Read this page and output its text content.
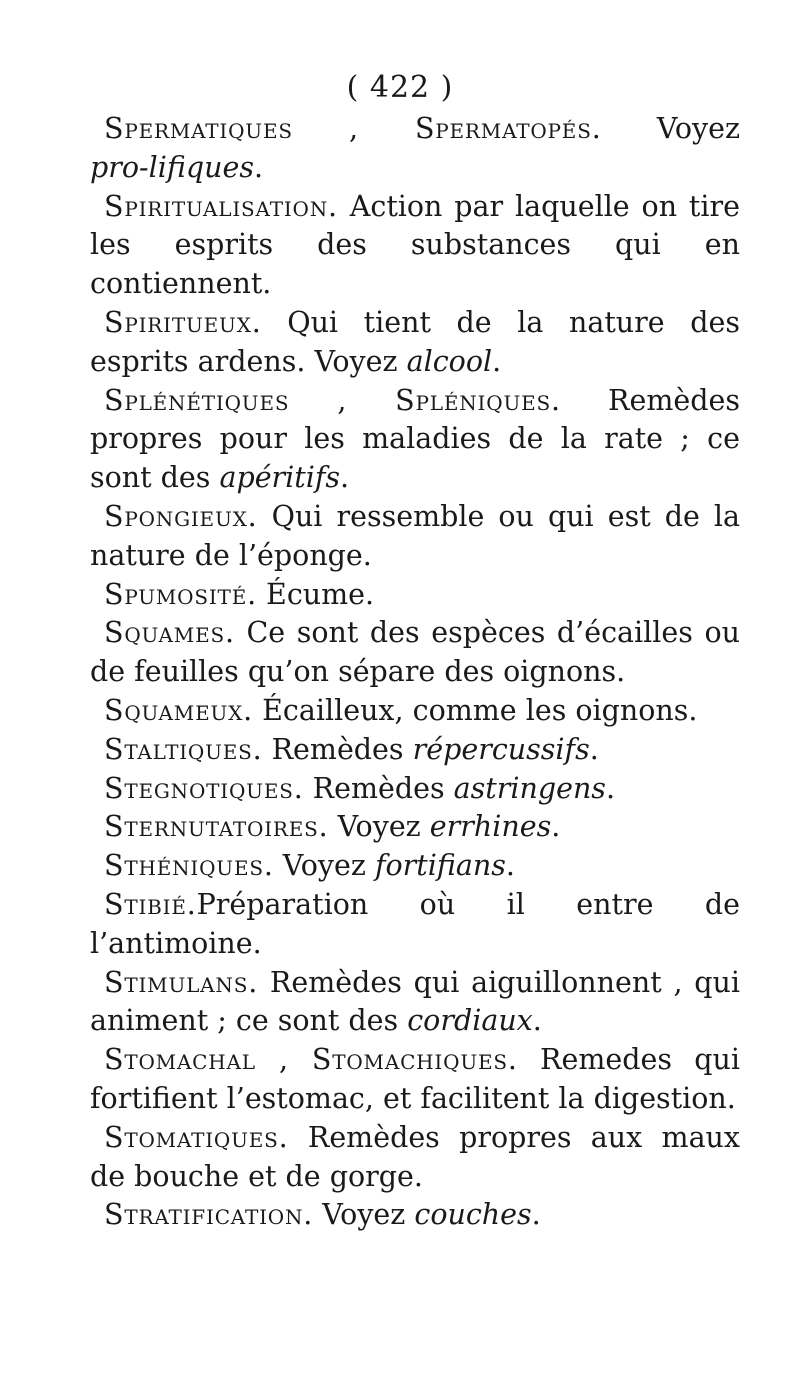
( 422 )

Spermatiques , Spermatopés. Voyez pro-lifiques.

Spiritualisation. Action par laquelle on tire les esprits des substances qui en contiennent.

Spiritueux. Qui tient de la nature des esprits ardens. Voyez alcool.

Splénétiques , Spléniques. Remèdes propres pour les maladies de la rate ; ce sont des apéritifs.

Spongieux. Qui ressemble ou qui est de la nature de l’éponge.

Spumosité. Écume.

Squames. Ce sont des espèces d’écailles ou de feuilles qu’on sépare des oignons.

Squameux. Écailleux, comme les oignons.

Staltiques. Remèdes répercussifs.

Stegnotiques. Remèdes astringens.

Sternutatoires. Voyez errhines.

Sthéniques. Voyez fortifians.

Stibié.Préparation où il entre de l’antimoine.

Stimulans. Remèdes qui aiguillonnent , qui animent ; ce sont des cordiaux.

Stomachal , Stomachiques. Remedes qui fortifient l’estomac, et facilitent la digestion.

Stomatiques. Remèdes propres aux maux de bouche et de gorge.

Stratification. Voyez couches.
